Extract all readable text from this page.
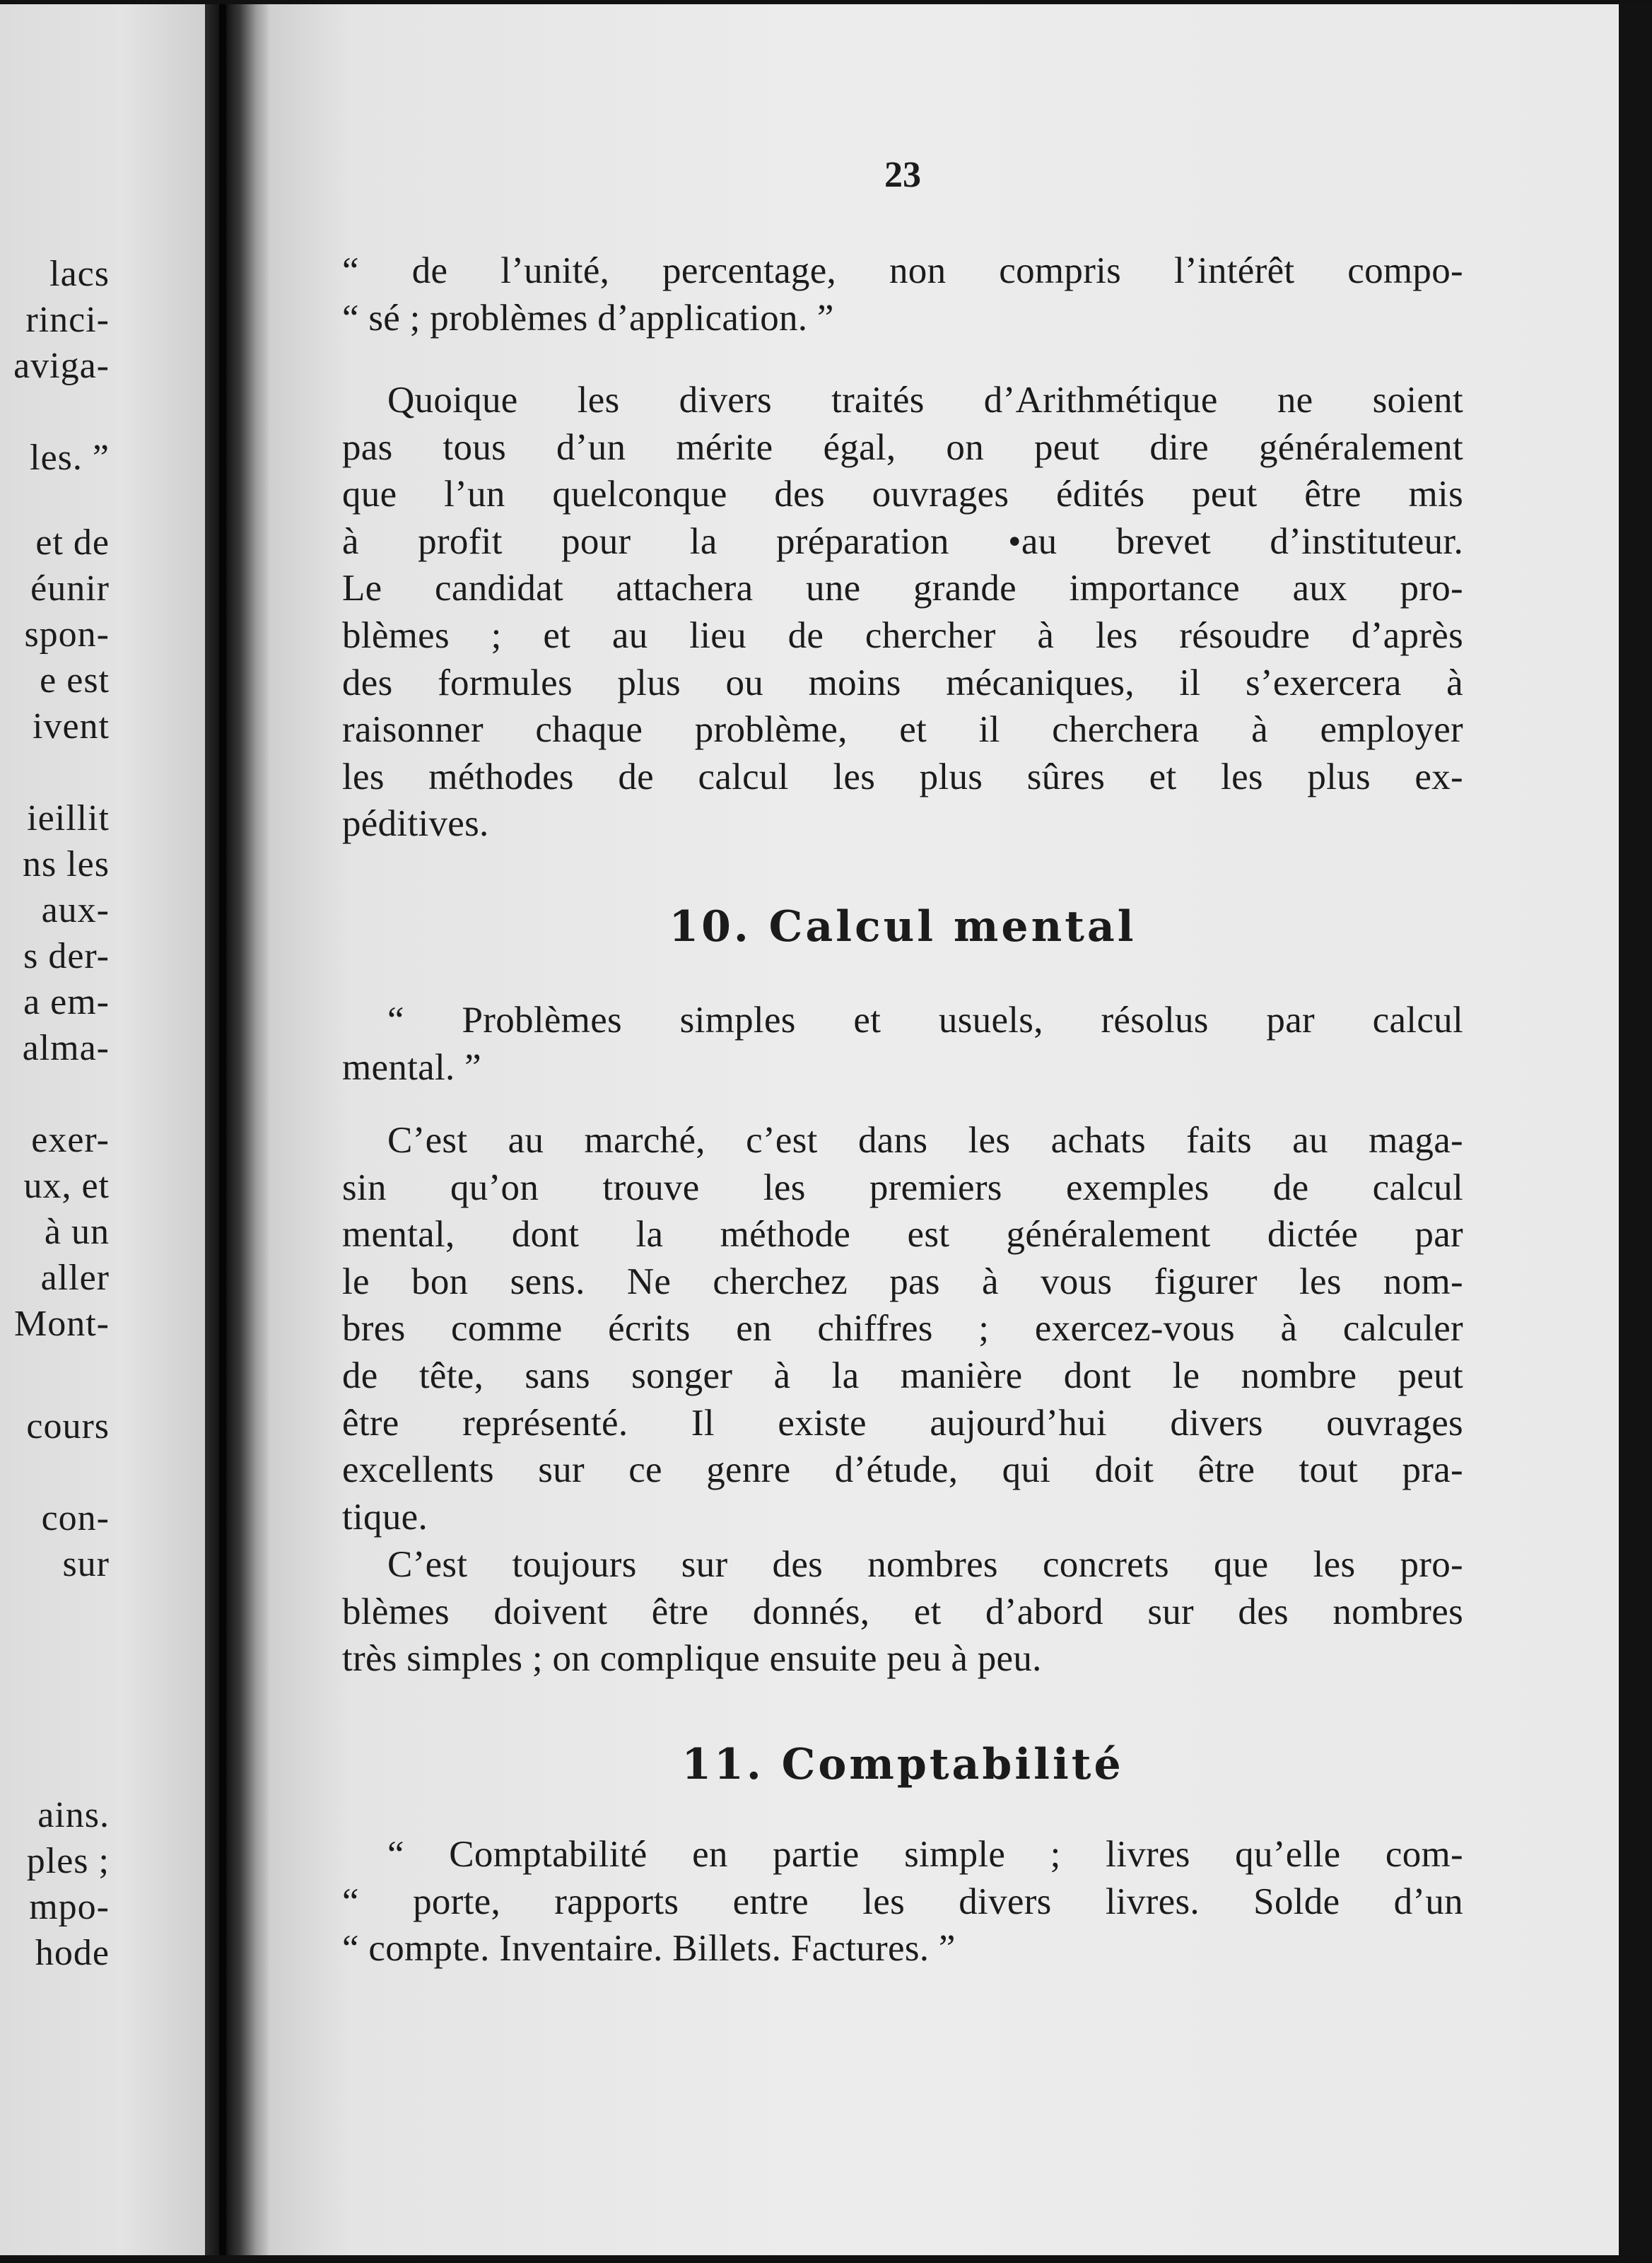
lacs
rinci-
aviga-
les. ”
et de
éunir
spon-
e est
ivent
ieillit
ns les
aux-
s der-
a em-
alma-
exer-
ux, et
à un
aller
Mont-
cours
con-
sur
ains.
ples ;
mpo-
hode
23
“ de l’unité, percentage, non compris l’intérêt compo-
“ sé ; problèmes d’application. ”
Quoique les divers traités d’Arithmétique ne soient
pas tous d’un mérite égal, on peut dire généralement
que l’un quelconque des ouvrages édités peut être mis
à profit pour la préparation •au brevet d’instituteur.
Le candidat attachera une grande importance aux pro-
blèmes ; et au lieu de chercher à les résoudre d’après
des formules plus ou moins mécaniques, il s’exercera à
raisonner chaque problème, et il cherchera à employer
les méthodes de calcul les plus sûres et les plus ex-
péditives.
10. Calcul mental
“ Problèmes simples et usuels, résolus par calcul
mental. ”
C’est au marché, c’est dans les achats faits au maga-
sin qu’on trouve les premiers exemples de calcul
mental, dont la méthode est généralement dictée par
le bon sens. Ne cherchez pas à vous figurer les nom-
bres comme écrits en chiffres ; exercez-vous à calculer
de tête, sans songer à la manière dont le nombre peut
être représenté. Il existe aujourd’hui divers ouvrages
excellents sur ce genre d’étude, qui doit être tout pra-
tique.
C’est toujours sur des nombres concrets que les pro-
blèmes doivent être donnés, et d’abord sur des nombres
très simples ; on complique ensuite peu à peu.
11. Comptabilité
“ Comptabilité en partie simple ; livres qu’elle com-
“ porte, rapports entre les divers livres. Solde d’un
“ compte. Inventaire. Billets. Factures. ”
